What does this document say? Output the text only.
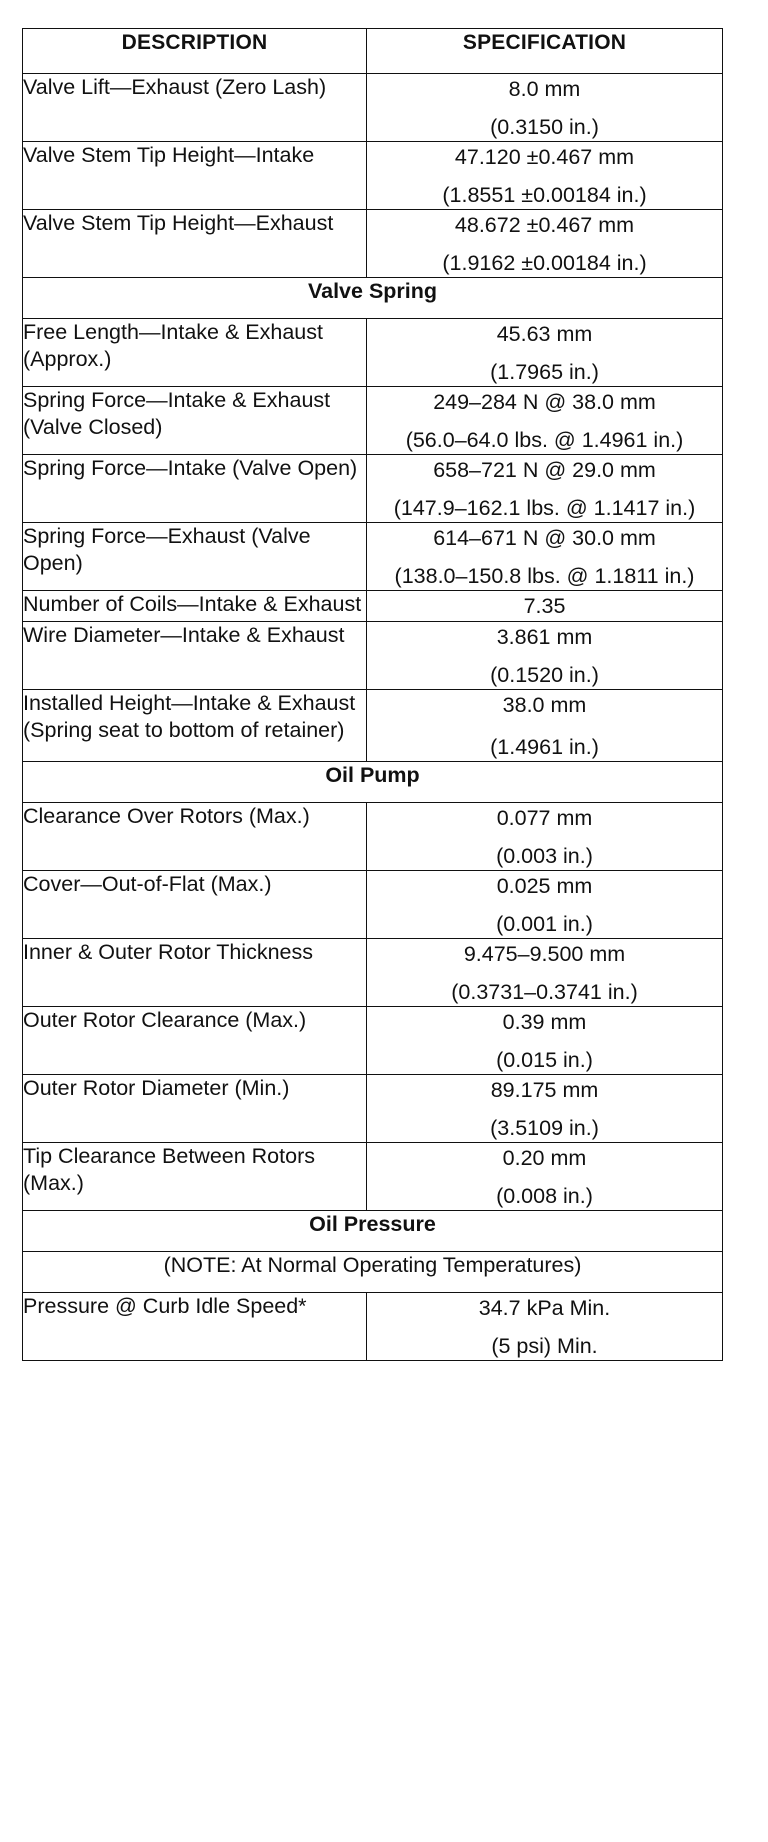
DESCRIPTION	SPECIFICATION
Valve Lift—Exhaust (Zero Lash)	8.0 mm
(0.3150 in.)

Valve Stem Tip Height—Intake	47.120 ±0.467 mm
(1.8551 ±0.00184 in.)

Valve Stem Tip Height—Exhaust	48.672 ±0.467 mm
(1.9162 ±0.00184 in.)

Valve Spring	
Free Length—Intake & Exhaust (Approx.)	45.63 mm
(1.7965 in.)

Spring Force—Intake & Exhaust (Valve Closed)	249–284 N @ 38.0 mm
(56.0–64.0 lbs. @ 1.4961 in.)

Spring Force—Intake (Valve Open)	658–721 N @ 29.0 mm
(147.9–162.1 lbs. @ 1.1417 in.)

Spring Force—Exhaust (Valve Open)	614–671 N @ 30.0 mm
(138.0–150.8 lbs. @ 1.1811 in.)

Number of Coils—Intake & Exhaust	7.35

Wire Diameter—Intake & Exhaust	3.861 mm
(0.1520 in.)

Installed Height—Intake & Exhaust (Spring seat to bottom of retainer)	38.0 mm
(1.4961 in.)

Oil Pump	
Clearance Over Rotors (Max.)	0.077 mm
(0.003 in.)

Cover—Out-of-Flat (Max.)	0.025 mm
(0.001 in.)

Inner & Outer Rotor Thickness	9.475–9.500 mm
(0.3731–0.3741 in.)

Outer Rotor Clearance (Max.)	0.39 mm
(0.015 in.)

Outer Rotor Diameter (Min.)	89.175 mm
(3.5109 in.)

Tip Clearance Between Rotors (Max.)	0.20 mm
(0.008 in.)

Oil Pressure	
(NOTE: At Normal Operating Temperatures)	
Pressure @ Curb Idle Speed*	34.7 kPa Min.
(5 psi) Min.
